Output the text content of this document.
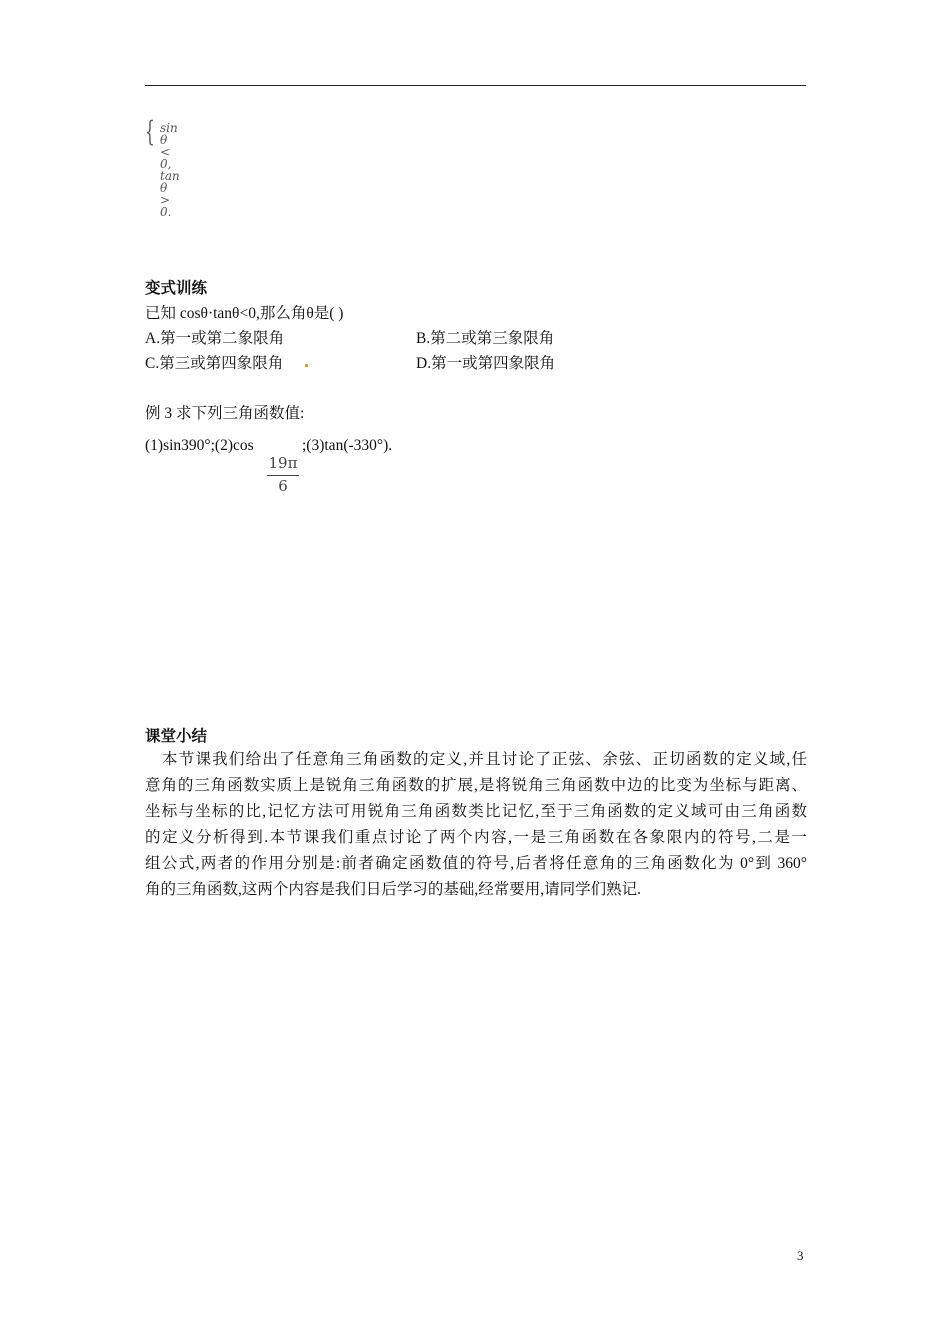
{ sin θ < 0,
tan θ > 0.
变式训练
已知 cosθ·tanθ<0,那么角θ是( )
A.第一或第二象限角	B.第二或第三象限角
C.第三或第四象限角	D.第一或第四象限角
例 3 求下列三角函数值:
(1)sin390°;(2)cos
19π
6
;(3)tan(-330°).
课堂小结
本节课我们给出了任意角三角函数的定义,并且讨论了正弦、余弦、正切函数的定义域,任
意角的三角函数实质上是锐角三角函数的扩展,是将锐角三角函数中边的比变为坐标与距离、
坐标与坐标的比,记忆方法可用锐角三角函数类比记忆,至于三角函数的定义域可由三角函数
的定义分析得到.本节课我们重点讨论了两个内容,一是三角函数在各象限内的符号,二是一
组公式,两者的作用分别是:前者确定函数值的符号,后者将任意角的三角函数化为 0°到 360°
角的三角函数,这两个内容是我们日后学习的基础,经常要用,请同学们熟记.
3
